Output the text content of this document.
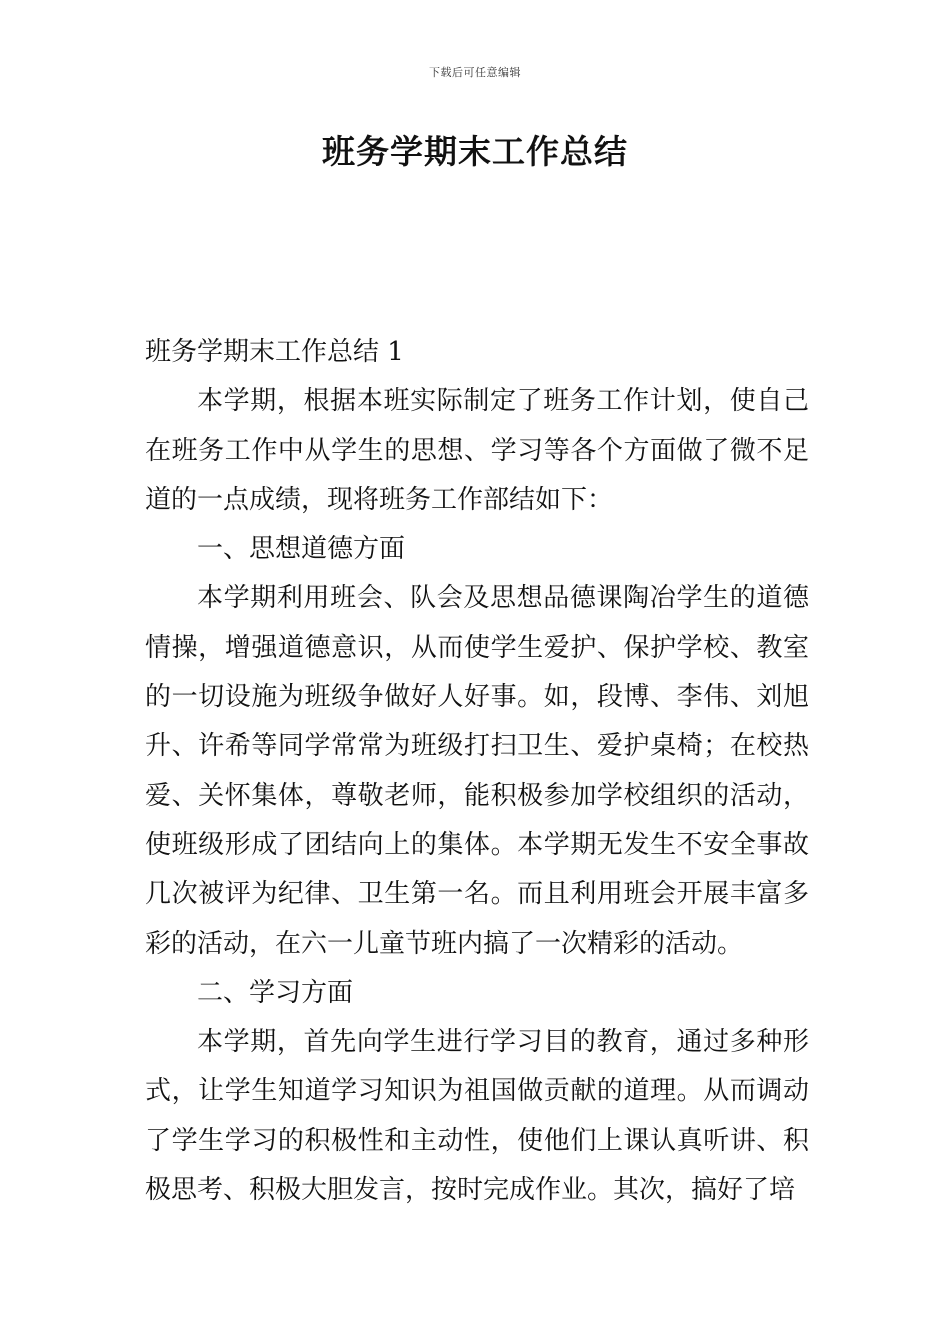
下载后可任意编辑
班务学期末工作总结

班务学期末工作总结 1

本学期，根据本班实际制定了班务工作计划，使自己在班务工作中从学生的思想、学习等各个方面做了微不足道的一点成绩，现将班务工作部结如下：

一、思想道德方面

本学期利用班会、队会及思想品德课陶冶学生的道德情操，增强道德意识，从而使学生爱护、保护学校、教室的一切设施为班级争做好人好事。如，段博、李伟、刘旭升、许希等同学常常为班级打扫卫生、爱护桌椅；在校热爱、关怀集体，尊敬老师，能积极参加学校组织的活动，使班级形成了团结向上的集体。本学期无发生不安全事故几次被评为纪律、卫生第一名。而且利用班会开展丰富多彩的活动，在六一儿童节班内搞了一次精彩的活动。

二、学习方面

本学期，首先向学生进行学习目的教育，通过多种形式，让学生知道学习知识为祖国做贡献的道理。从而调动了学生学习的积极性和主动性，使他们上课认真听讲、积极思考、积极大胆发言，按时完成作业。其次，搞好了培
